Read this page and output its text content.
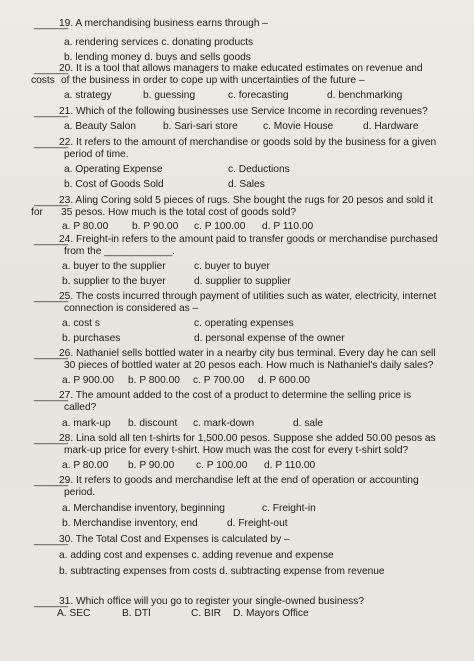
______
19. A merchandising business earns through –
a. rendering services c. donating products
b. lending money d. buys and sells goods
______
20. It is a tool that allows managers to make educated estimates on revenue and
costs of the business in order to cope up with uncertainties of the future –
a. strategy	b. guessing	c. forecasting	d. benchmarking
______
21. Which of the following businesses use Service Income in recording revenues?
a. Beauty Salon	b. Sari-sari store c. Movie House	d. Hardware
______
22. It refers to the amount of merchandise or goods sold by the business for a given
period of time.
a. Operating Expense	c. Deductions
b. Cost of Goods Sold	d. Sales
______
23. Aling Coring sold 5 pieces of rugs. She bought the rugs for 20 pesos and sold it
for 35 pesos. How much is the total cost of goods sold?
a. P 80.00 b. P 90.00 c. P 100.00 d. P 110.00
______
24. Freight-in refers to the amount paid to transfer goods or merchandise purchased
from the ____________.
a. buyer to the supplier	c. buyer to buyer
b. supplier to the buyer	d. supplier to supplier
______
25. The costs incurred through payment of utilities such as water, electricity, internet
connection is considered as –
a. cost s	c. operating expenses
b. purchases	d. personal expense of the owner
______
26. Nathaniel sells bottled water in a nearby city bus terminal. Every day he can sell
30 pieces of bottled water at 20 pesos each. How much is Nathaniel's daily sales?
a. P 900.00 b. P 800.00 c. P 700.00 d. P 600.00
______
27. The amount added to the cost of a product to determine the selling price is
called?
a. mark-up b. discount c. mark-down	d. sale
______
28. Lina sold all ten t-shirts for 1,500.00 pesos. Suppose she added 50.00 pesos as
mark-up price for every t-shirt. How much was the cost for every t-shirt sold?
a. P 80.00 b. P 90.00 c. P 100.00 d. P 110.00
______
29. It refers to goods and merchandise left at the end of operation or accounting
period.
a. Merchandise inventory, beginning	c. Freight-in
b. Merchandise inventory, end	d. Freight-out
______
30. The Total Cost and Expenses is calculated by –
a. adding cost and expenses c. adding revenue and expense
b. subtracting expenses from costs d. subtracting expense from revenue
______
31. Which office will you go to register your single-owned business?
A. SEC	B. DTI	C. BIR D. Mayors Office
